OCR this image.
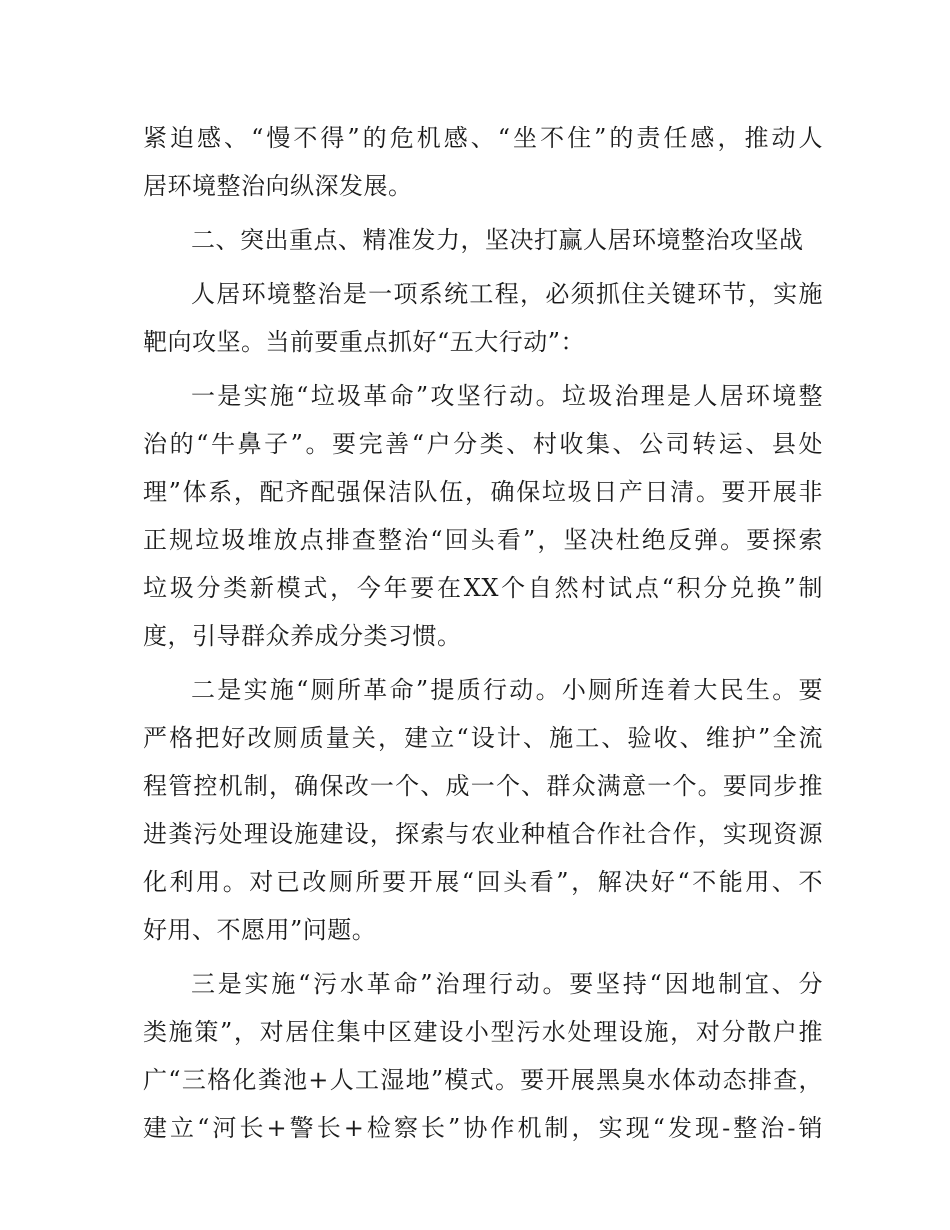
紧迫感、“慢不得”的危机感、“坐不住”的责任感，推动人
居环境整治向纵深发展。
二、突出重点、精准发力，坚决打赢人居环境整治攻坚战
人居环境整治是一项系统工程，必须抓住关键环节，实施
靶向攻坚。当前要重点抓好“五大行动”：
一是实施“垃圾革命”攻坚行动。垃圾治理是人居环境整
治的“牛鼻子”。要完善“户分类、村收集、公司转运、县处
理”体系，配齐配强保洁队伍，确保垃圾日产日清。要开展非
正规垃圾堆放点排查整治“回头看”，坚决杜绝反弹。要探索
垃圾分类新模式，今年要在XX个自然村试点“积分兑换”制
度，引导群众养成分类习惯。
二是实施“厕所革命”提质行动。小厕所连着大民生。要
严格把好改厕质量关，建立“设计、施工、验收、维护”全流
程管控机制，确保改一个、成一个、群众满意一个。要同步推
进粪污处理设施建设，探索与农业种植合作社合作，实现资源
化利用。对已改厕所要开展“回头看”，解决好“不能用、不
好用、不愿用”问题。
三是实施“污水革命”治理行动。要坚持“因地制宜、分
类施策”，对居住集中区建设小型污水处理设施，对分散户推
广“三格化粪池+人工湿地”模式。要开展黑臭水体动态排查，
建立“河长+警长+检察长”协作机制，实现“发现-整治-销
